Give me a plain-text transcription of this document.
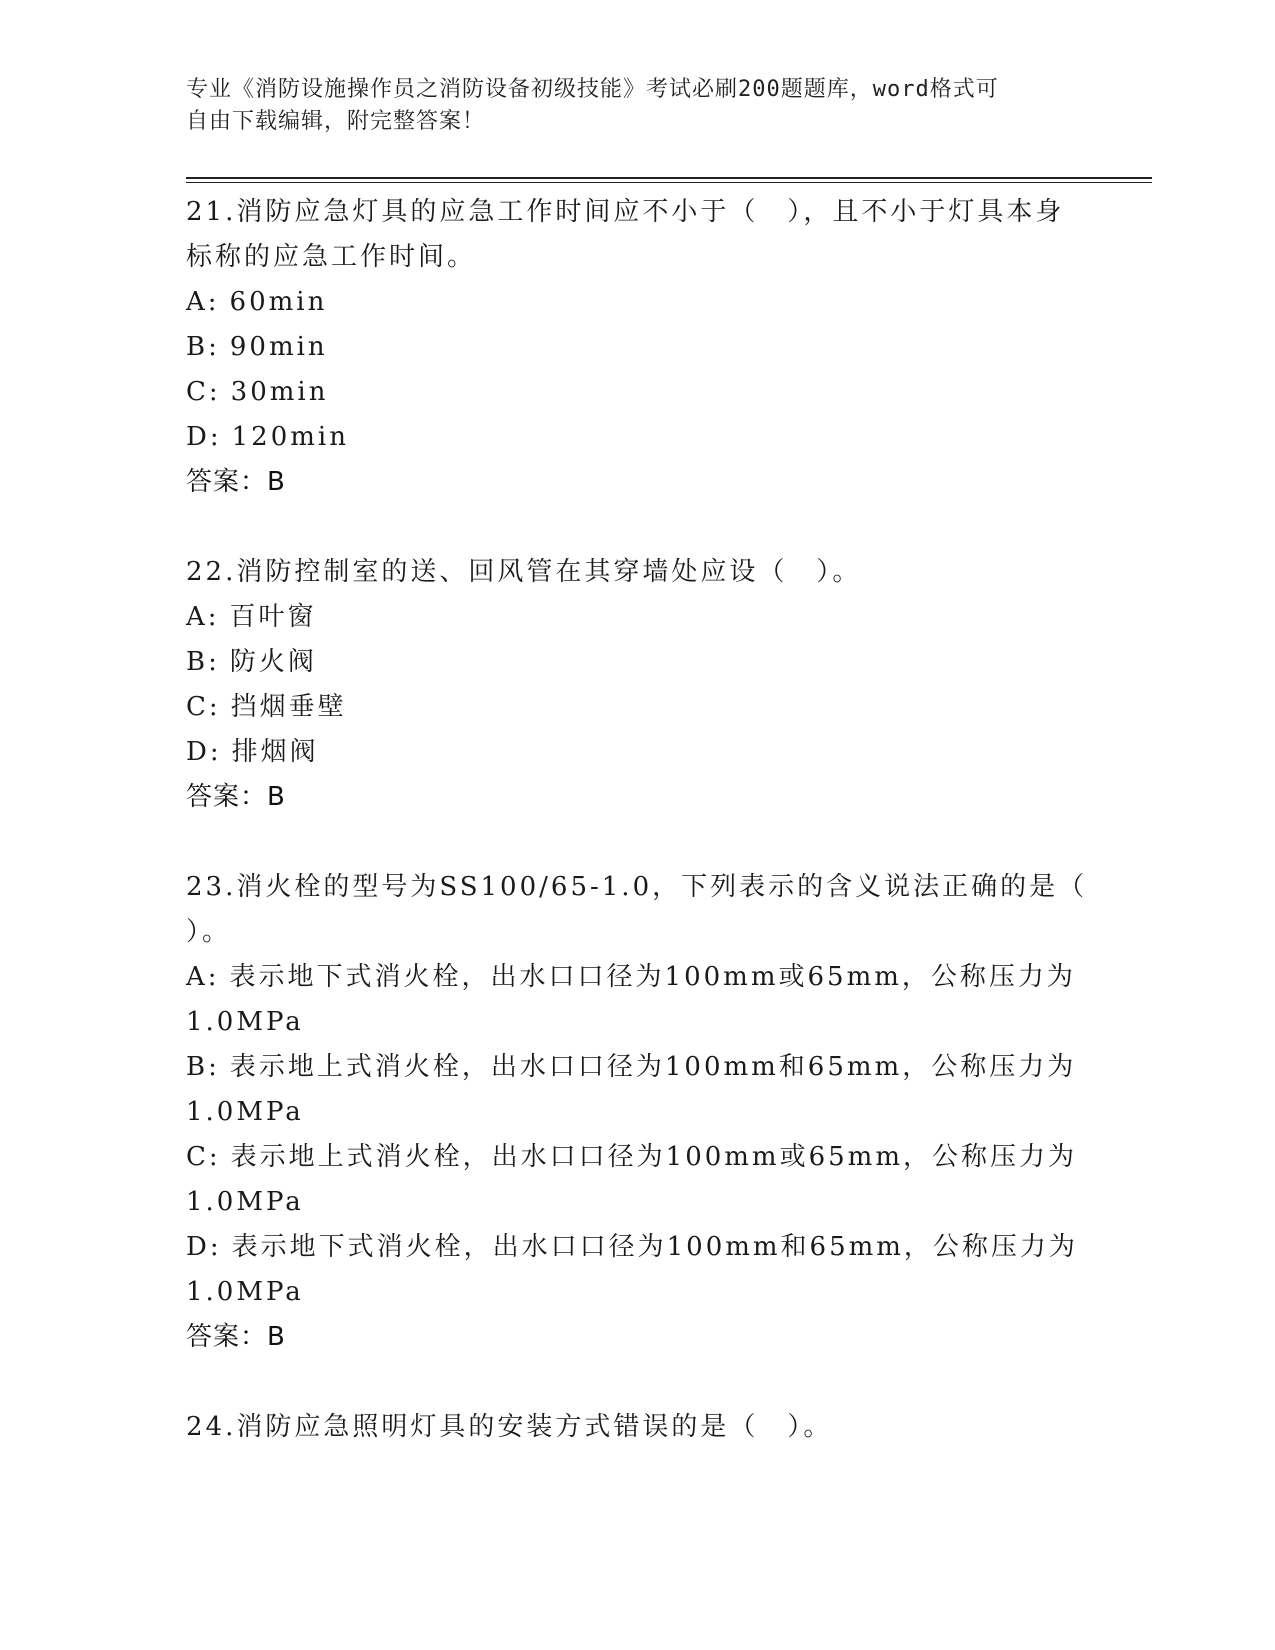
专业《消防设施操作员之消防设备初级技能》考试必刷200题题库，word格式可
自由下载编辑，附完整答案！

21.消防应急灯具的应急工作时间应不小于（　），且不小于灯具本身

标称的应急工作时间。

A: 60min

B: 90min

C: 30min

D: 120min

答案：B

22.消防控制室的送、回风管在其穿墙处应设（　）。

A: 百叶窗

B: 防火阀

C: 挡烟垂壁

D: 排烟阀

答案：B

23.消火栓的型号为SS100/65-1.0，下列表示的含义说法正确的是（

）。

A: 表示地下式消火栓，出水口口径为100mm或65mm，公称压力为

1.0MPa

B: 表示地上式消火栓，出水口口径为100mm和65mm，公称压力为

1.0MPa

C: 表示地上式消火栓，出水口口径为100mm或65mm，公称压力为

1.0MPa

D: 表示地下式消火栓，出水口口径为100mm和65mm，公称压力为

1.0MPa

答案：B

24.消防应急照明灯具的安装方式错误的是（　）。
